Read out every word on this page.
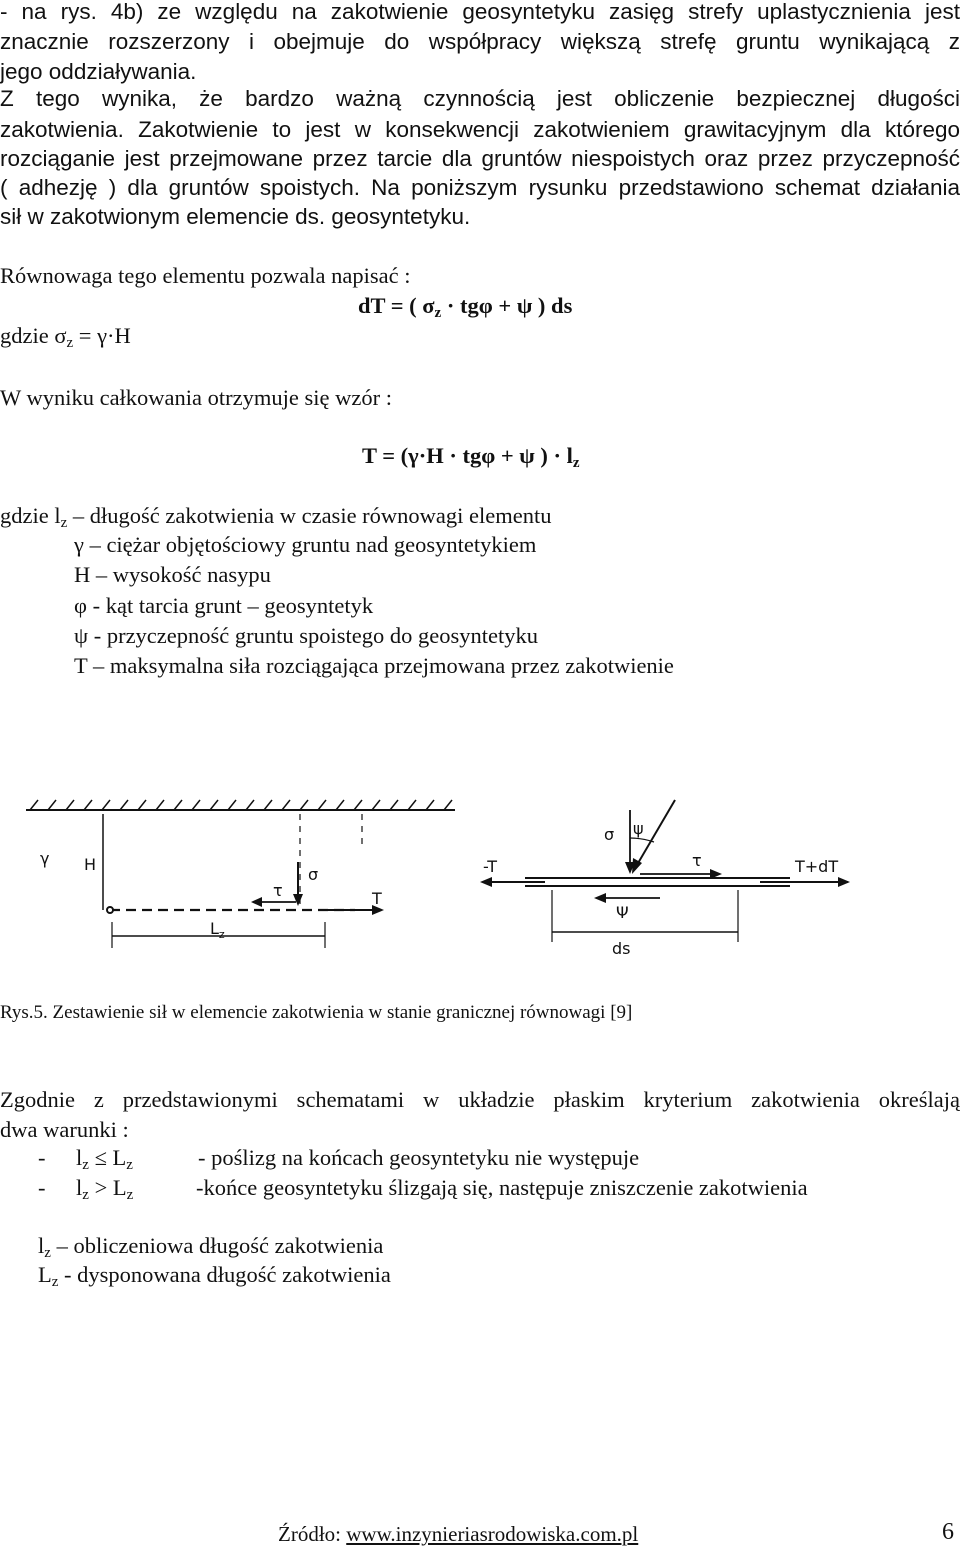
- na rys. 4b) ze względu na zakotwienie geosyntetyku zasięg strefy uplastycznienia jest
znacznie rozszerzony i obejmuje do współpracy większą strefę gruntu wynikającą z
jego oddziaływania.
Z tego wynika, że bardzo ważną czynnością jest obliczenie bezpiecznej długości
zakotwienia. Zakotwienie to jest w konsekwencji zakotwieniem grawitacyjnym dla którego
rozciąganie jest przejmowane przez tarcie dla gruntów niespoistych oraz przez przyczepność
( adhezję ) dla gruntów spoistych. Na poniższym rysunku przedstawiono schemat działania
sił w zakotwionym elemencie ds. geosyntetyku.
Równowaga tego elementu pozwala napisać :
dT = ( $\sigma_z \cdot tg\varphi + \psi$ ) ds
gdzie $\sigma_z = \gamma\cdot H$
W wyniku całkowania otrzymuje się wzór :
T = (γ·H · tgφ + ψ ) · $l_z$
gdzie $l_z$ – długość zakotwienia w czasie równowagi elementu
γ – ciężar objętościowy gruntu nad geosyntetykiem
H – wysokość nasypu
φ - kąt tarcia grunt – geosyntetyk
ψ - przyczepność gruntu spoistego do geosyntetyku
T – maksymalna siła rozciągająca przejmowana przez zakotwienie
γ H
σ
τ	T
$L_z$
σ ψ
τ
-T	T+dT
Ψ
ds
Rys.5. Zestawienie sił w elemencie zakotwienia w stanie granicznej równowagi [9]
Zgodnie z przedstawionymi schematami w układzie płaskim kryterium zakotwienia określają
dwa warunki :
- $l_z \le L_z$	- poślizg na końcach geosyntetyku nie występuje
- $l_z > L_z$	-końce geosyntetyku ślizgają się, następuje zniszczenie zakotwienia
$l_z$ – obliczeniowa długość zakotwienia
$L_z$ - dysponowana długość zakotwienia
Źródło: www.inzynieriasrodowiska.com.pl	6
